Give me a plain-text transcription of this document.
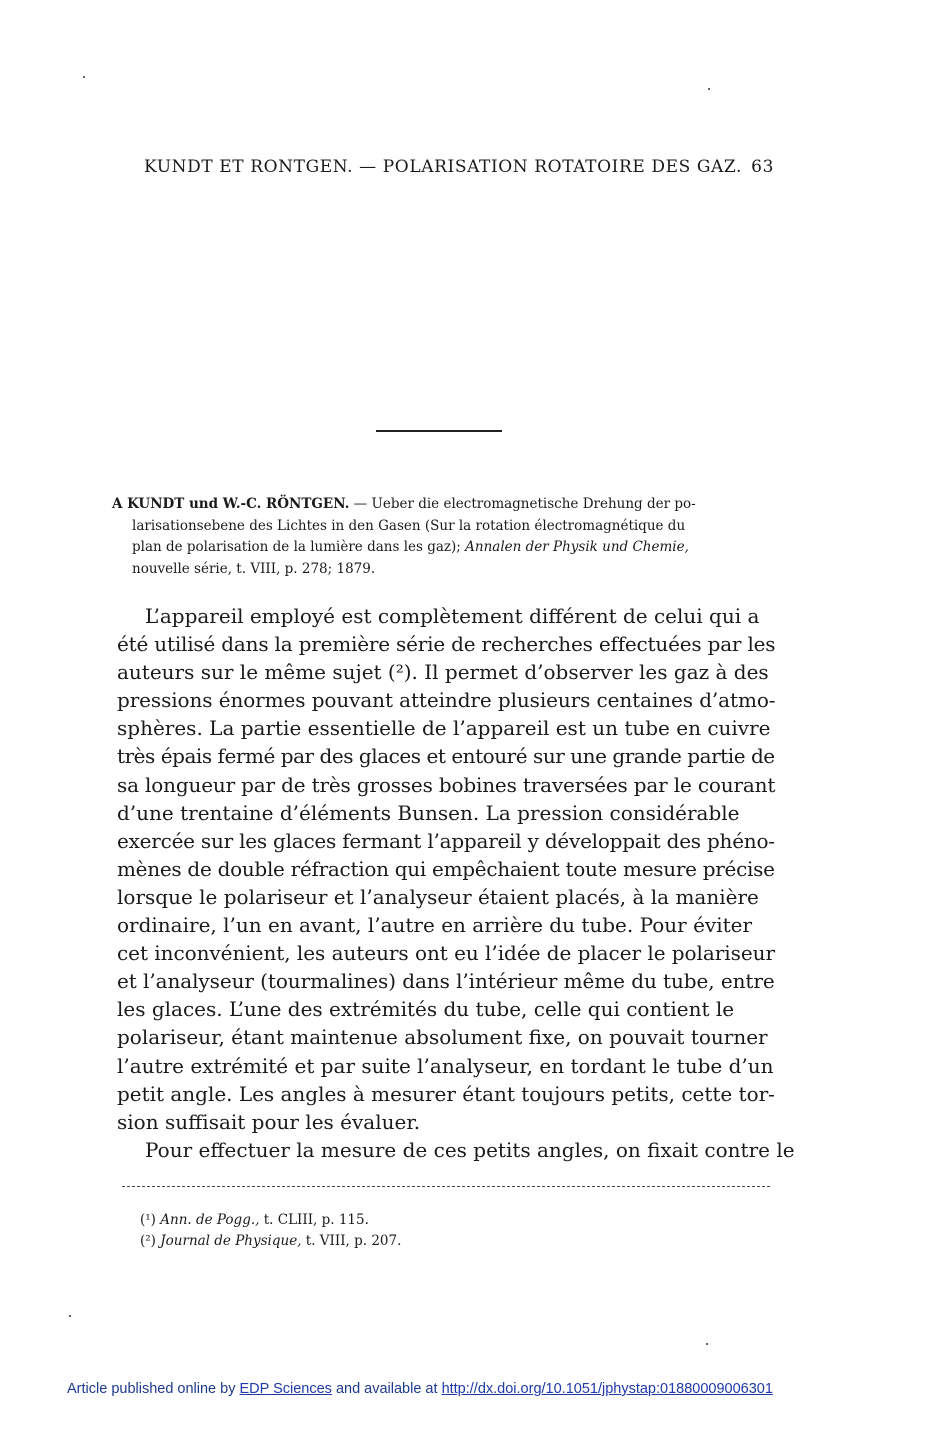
KUNDT ET RONTGEN. — POLARISATION ROTATOIRE DES GAZ. 63
A KUNDT und W.-C. RÖNTGEN. — Ueber die electromagnetische Drehung der po-
larisationsebene des Lichtes in den Gasen (Sur la rotation électromagnétique du
plan de polarisation de la lumière dans les gaz); Annalen der Physik und Chemie,
nouvelle série, t. VIII, p. 278; 1879.
L’appareil employé est complètement différent de celui qui a
été utilisé dans la première série de recherches effectuées par les
auteurs sur le même sujet (²). Il permet d’observer les gaz à des
pressions énormes pouvant atteindre plusieurs centaines d’atmo-
sphères. La partie essentielle de l’appareil est un tube en cuivre
très épais fermé par des glaces et entouré sur une grande partie de
sa longueur par de très grosses bobines traversées par le courant
d’une trentaine d’éléments Bunsen. La pression considérable
exercée sur les glaces fermant l’appareil y développait des phéno-
mènes de double réfraction qui empêchaient toute mesure précise
lorsque le polariseur et l’analyseur étaient placés, à la manière
ordinaire, l’un en avant, l’autre en arrière du tube. Pour éviter
cet inconvénient, les auteurs ont eu l’idée de placer le polariseur
et l’analyseur (tourmalines) dans l’intérieur même du tube, entre
les glaces. L’une des extrémités du tube, celle qui contient le
polariseur, étant maintenue absolument fixe, on pouvait tourner
l’autre extrémité et par suite l’analyseur, en tordant le tube d’un
petit angle. Les angles à mesurer étant toujours petits, cette tor-
sion suffisait pour les évaluer.
Pour effectuer la mesure de ces petits angles, on fixait contre le
(¹) Ann. de Pogg., t. CLIII, p. 115.
(²) Journal de Physique, t. VIII, p. 207.
Article published online by EDP Sciences and available at http://dx.doi.org/10.1051/jphystap:01880009006301
